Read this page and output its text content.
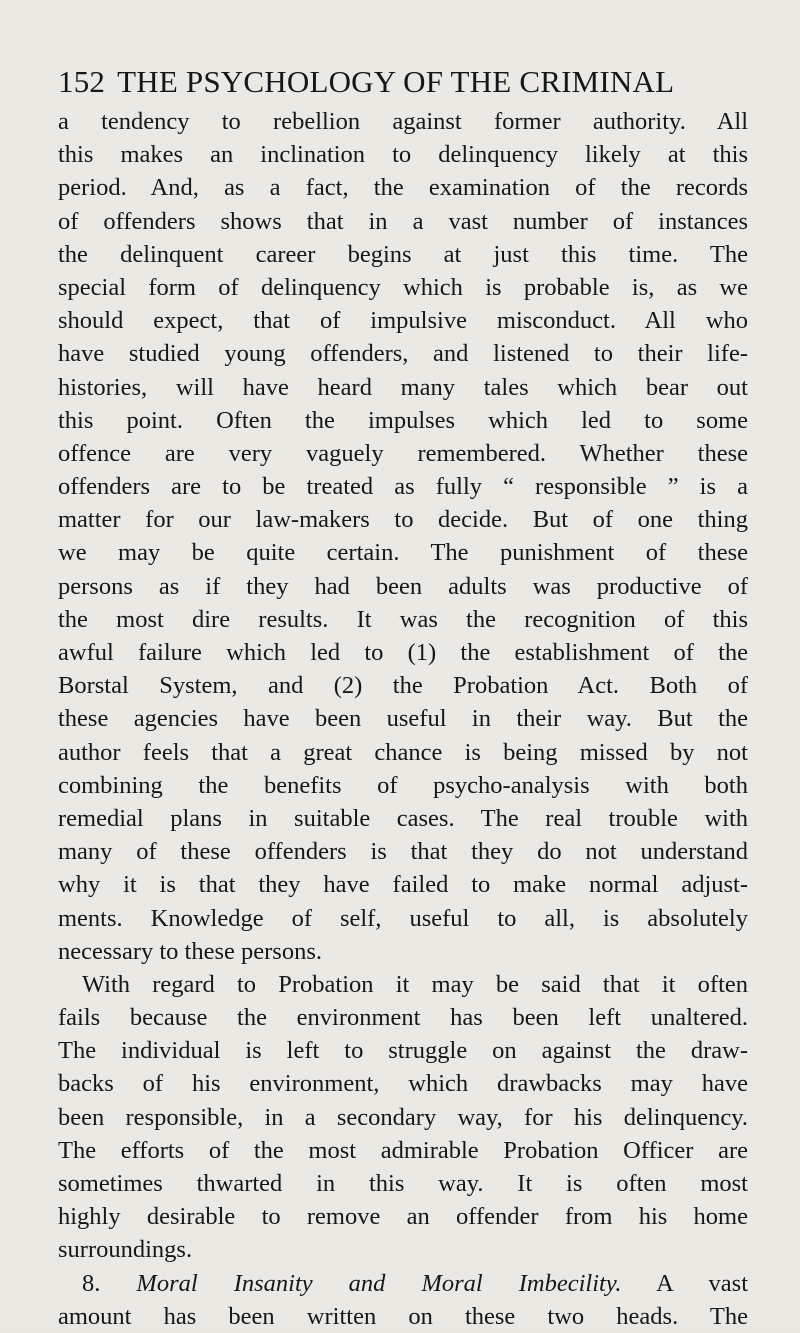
152 THE PSYCHOLOGY OF THE CRIMINAL
a tendency to rebellion against former authority. All
this makes an inclination to delinquency likely at this
period. And, as a fact, the examination of the records
of offenders shows that in a vast number of instances
the delinquent career begins at just this time. The
special form of delinquency which is probable is, as we
should expect, that of impulsive misconduct. All who
have studied young offenders, and listened to their life-
histories, will have heard many tales which bear out
this point. Often the impulses which led to some
offence are very vaguely remembered. Whether these
offenders are to be treated as fully “ responsible ” is a
matter for our law-makers to decide. But of one thing
we may be quite certain. The punishment of these
persons as if they had been adults was productive of
the most dire results. It was the recognition of this
awful failure which led to (1) the establishment of the
Borstal System, and (2) the Probation Act. Both of
these agencies have been useful in their way. But the
author feels that a great chance is being missed by not
combining the benefits of psycho-analysis with both
remedial plans in suitable cases. The real trouble with
many of these offenders is that they do not understand
why it is that they have failed to make normal adjust-
ments. Knowledge of self, useful to all, is absolutely
necessary to these persons.
With regard to Probation it may be said that it often
fails because the environment has been left unaltered.
The individual is left to struggle on against the draw-
backs of his environment, which drawbacks may have
been responsible, in a secondary way, for his delinquency.
The efforts of the most admirable Probation Officer are
sometimes thwarted in this way. It is often most
highly desirable to remove an offender from his home
surroundings.
8. Moral Insanity and Moral Imbecility. A vast
amount has been written on these two heads. The
